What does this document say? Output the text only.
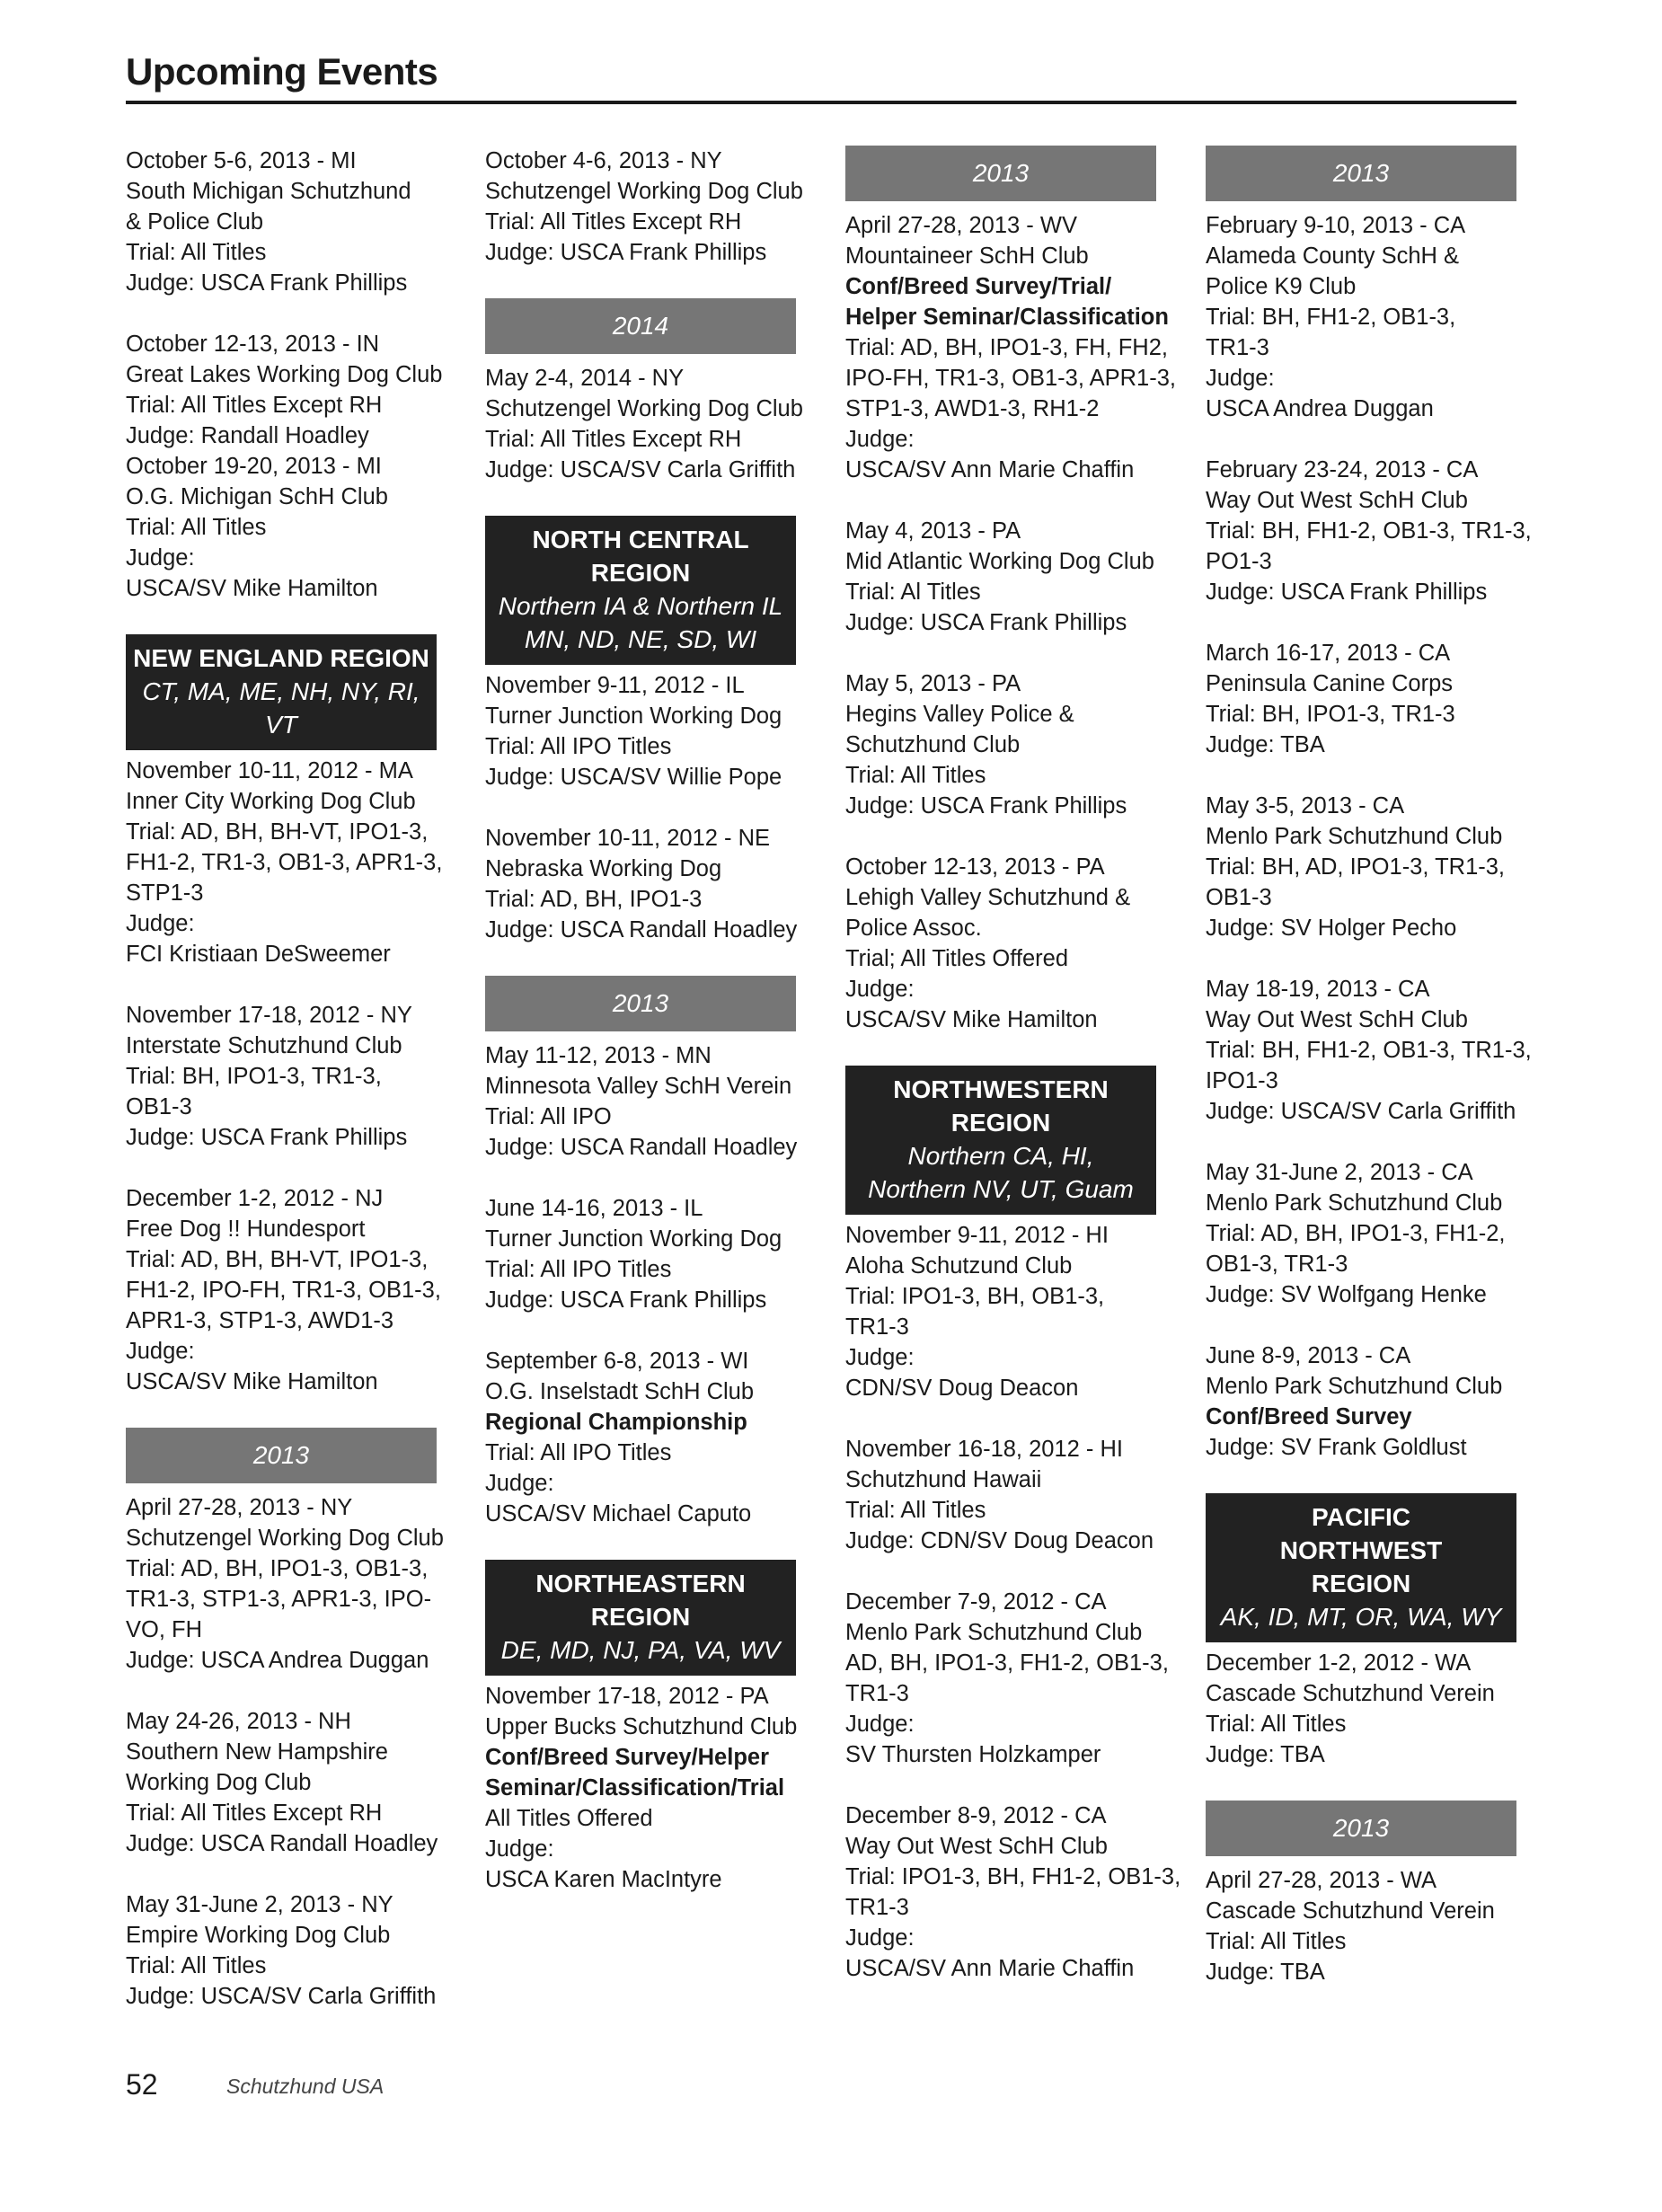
Upcoming Events
October 5-6, 2013 - MI
South Michigan Schutzhund
& Police Club
Trial: All Titles
Judge: USCA Frank Phillips
October 12-13, 2013 - IN
Great Lakes Working Dog Club
Trial: All Titles Except RH
Judge: Randall Hoadley
October 19-20, 2013 - MI
O.G. Michigan SchH Club
Trial: All Titles
Judge:
USCA/SV Mike Hamilton
NEW ENGLAND REGION
CT, MA, ME, NH, NY, RI, VT
November 10-11, 2012 - MA
Inner City Working Dog Club
Trial: AD, BH, BH-VT, IPO1-3,
FH1-2, TR1-3, OB1-3, APR1-3,
STP1-3
Judge:
FCI Kristiaan DeSweemer
November 17-18, 2012 - NY
Interstate Schutzhund Club
Trial: BH, IPO1-3, TR1-3,
OB1-3
Judge: USCA Frank Phillips
December 1-2, 2012 - NJ
Free Dog !! Hundesport
Trial: AD, BH, BH-VT, IPO1-3,
FH1-2, IPO-FH, TR1-3, OB1-3,
APR1-3, STP1-3, AWD1-3
Judge:
USCA/SV Mike Hamilton
2013
April 27-28, 2013 - NY
Schutzengel Working Dog Club
Trial: AD, BH, IPO1-3, OB1-3,
TR1-3, STP1-3, APR1-3, IPO-
VO, FH
Judge: USCA Andrea Duggan
May 24-26, 2013 - NH
Southern New Hampshire
Working Dog Club
Trial: All Titles Except RH
Judge: USCA Randall Hoadley
May 31-June 2, 2013 - NY
Empire Working Dog Club
Trial: All Titles
Judge: USCA/SV Carla Griffith
October 4-6, 2013 - NY
Schutzengel Working Dog Club
Trial: All Titles Except RH
Judge: USCA Frank Phillips
2014
May 2-4, 2014 - NY
Schutzengel Working Dog Club
Trial: All Titles Except RH
Judge: USCA/SV Carla Griffith
NORTH CENTRAL REGION
Northern IA & Northern IL
MN, ND, NE, SD, WI
November 9-11, 2012 - IL
Turner Junction Working Dog
Trial: All IPO Titles
Judge: USCA/SV Willie Pope
November 10-11, 2012 - NE
Nebraska Working Dog
Trial: AD, BH, IPO1-3
Judge: USCA Randall Hoadley
2013
May 11-12, 2013 - MN
Minnesota Valley SchH Verein
Trial: All IPO
Judge: USCA Randall Hoadley
June 14-16, 2013 - IL
Turner Junction Working Dog
Trial: All IPO Titles
Judge: USCA Frank Phillips
September 6-8, 2013 - WI
O.G. Inselstadt SchH Club
Regional Championship
Trial: All IPO Titles
Judge:
USCA/SV Michael Caputo
NORTHEASTERN REGION
DE, MD, NJ, PA, VA, WV
November 17-18, 2012 - PA
Upper Bucks Schutzhund Club
Conf/Breed Survey/Helper
Seminar/Classification/Trial
All Titles Offered
Judge:
USCA Karen MacIntyre
2013
April 27-28, 2013 - WV
Mountaineer SchH Club
Conf/Breed Survey/Trial/
Helper Seminar/Classification
Trial: AD, BH, IPO1-3, FH, FH2,
IPO-FH, TR1-3, OB1-3, APR1-3,
STP1-3, AWD1-3, RH1-2
Judge:
USCA/SV Ann Marie Chaffin
May 4, 2013 - PA
Mid Atlantic Working Dog Club
Trial: Al Titles
Judge: USCA Frank Phillips
May 5, 2013 - PA
Hegins Valley Police &
Schutzhund Club
Trial: All Titles
Judge: USCA Frank Phillips
October 12-13, 2013 - PA
Lehigh Valley Schutzhund &
Police Assoc.
Trial; All Titles Offered
Judge:
USCA/SV Mike Hamilton
NORTHWESTERN REGION
Northern CA, HI,
Northern NV, UT, Guam
November 9-11, 2012 - HI
Aloha Schutzund Club
Trial: IPO1-3, BH, OB1-3,
TR1-3
Judge:
CDN/SV Doug Deacon
November 16-18, 2012 - HI
Schutzhund Hawaii
Trial: All Titles
Judge: CDN/SV Doug Deacon
December 7-9, 2012 - CA
Menlo Park Schutzhund Club
AD, BH, IPO1-3, FH1-2, OB1-3,
TR1-3
Judge:
SV Thursten Holzkamper
December 8-9, 2012 - CA
Way Out West SchH Club
Trial: IPO1-3, BH, FH1-2, OB1-3,
TR1-3
Judge:
USCA/SV Ann Marie Chaffin
2013
February 9-10, 2013 - CA
Alameda County SchH &
Police K9 Club
Trial: BH, FH1-2, OB1-3,
TR1-3
Judge:
USCA Andrea Duggan
February 23-24, 2013 - CA
Way Out West SchH Club
Trial: BH, FH1-2, OB1-3, TR1-3,
PO1-3
Judge: USCA Frank Phillips
March 16-17, 2013 - CA
Peninsula Canine Corps
Trial: BH, IPO1-3, TR1-3
Judge: TBA
May 3-5, 2013 - CA
Menlo Park Schutzhund Club
Trial: BH, AD, IPO1-3, TR1-3,
OB1-3
Judge: SV Holger Pecho
May 18-19, 2013 - CA
Way Out West SchH Club
Trial: BH, FH1-2, OB1-3, TR1-3,
IPO1-3
Judge: USCA/SV Carla Griffith
May 31-June 2, 2013 - CA
Menlo Park Schutzhund Club
Trial: AD, BH, IPO1-3, FH1-2,
OB1-3, TR1-3
Judge: SV Wolfgang Henke
June 8-9, 2013 - CA
Menlo Park Schutzhund Club
Conf/Breed Survey
Judge: SV Frank Goldlust
PACIFIC NORTHWEST REGION
AK, ID, MT, OR, WA, WY
December 1-2, 2012 - WA
Cascade Schutzhund Verein
Trial: All Titles
Judge: TBA
2013
April 27-28, 2013 - WA
Cascade Schutzhund Verein
Trial: All Titles
Judge: TBA
52	Schutzhund USA
